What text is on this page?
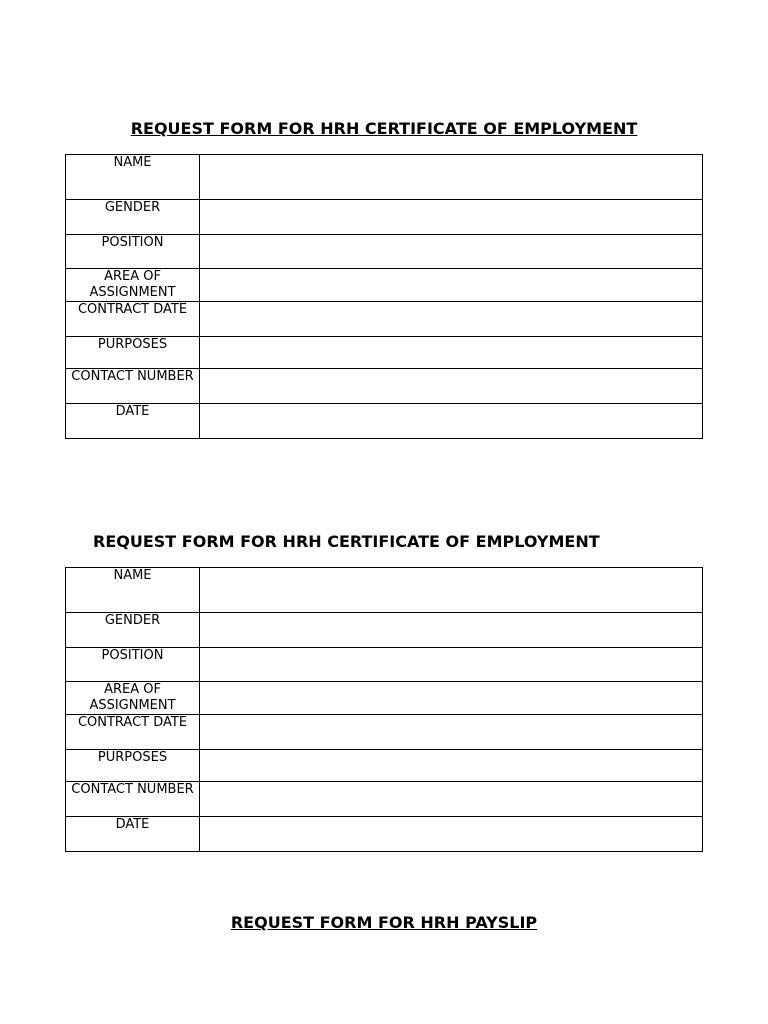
REQUEST FORM FOR HRH CERTIFICATE OF EMPLOYMENT
NAME	
GENDER	
POSITION	
AREA OF ASSIGNMENT	
CONTRACT DATE	
PURPOSES	
CONTACT NUMBER	
DATE	
REQUEST FORM FOR HRH CERTIFICATE OF EMPLOYMENT
NAME	
GENDER	
POSITION	
AREA OF ASSIGNMENT	
CONTRACT DATE	
PURPOSES	
CONTACT NUMBER	
DATE	
REQUEST FORM FOR HRH PAYSLIP
